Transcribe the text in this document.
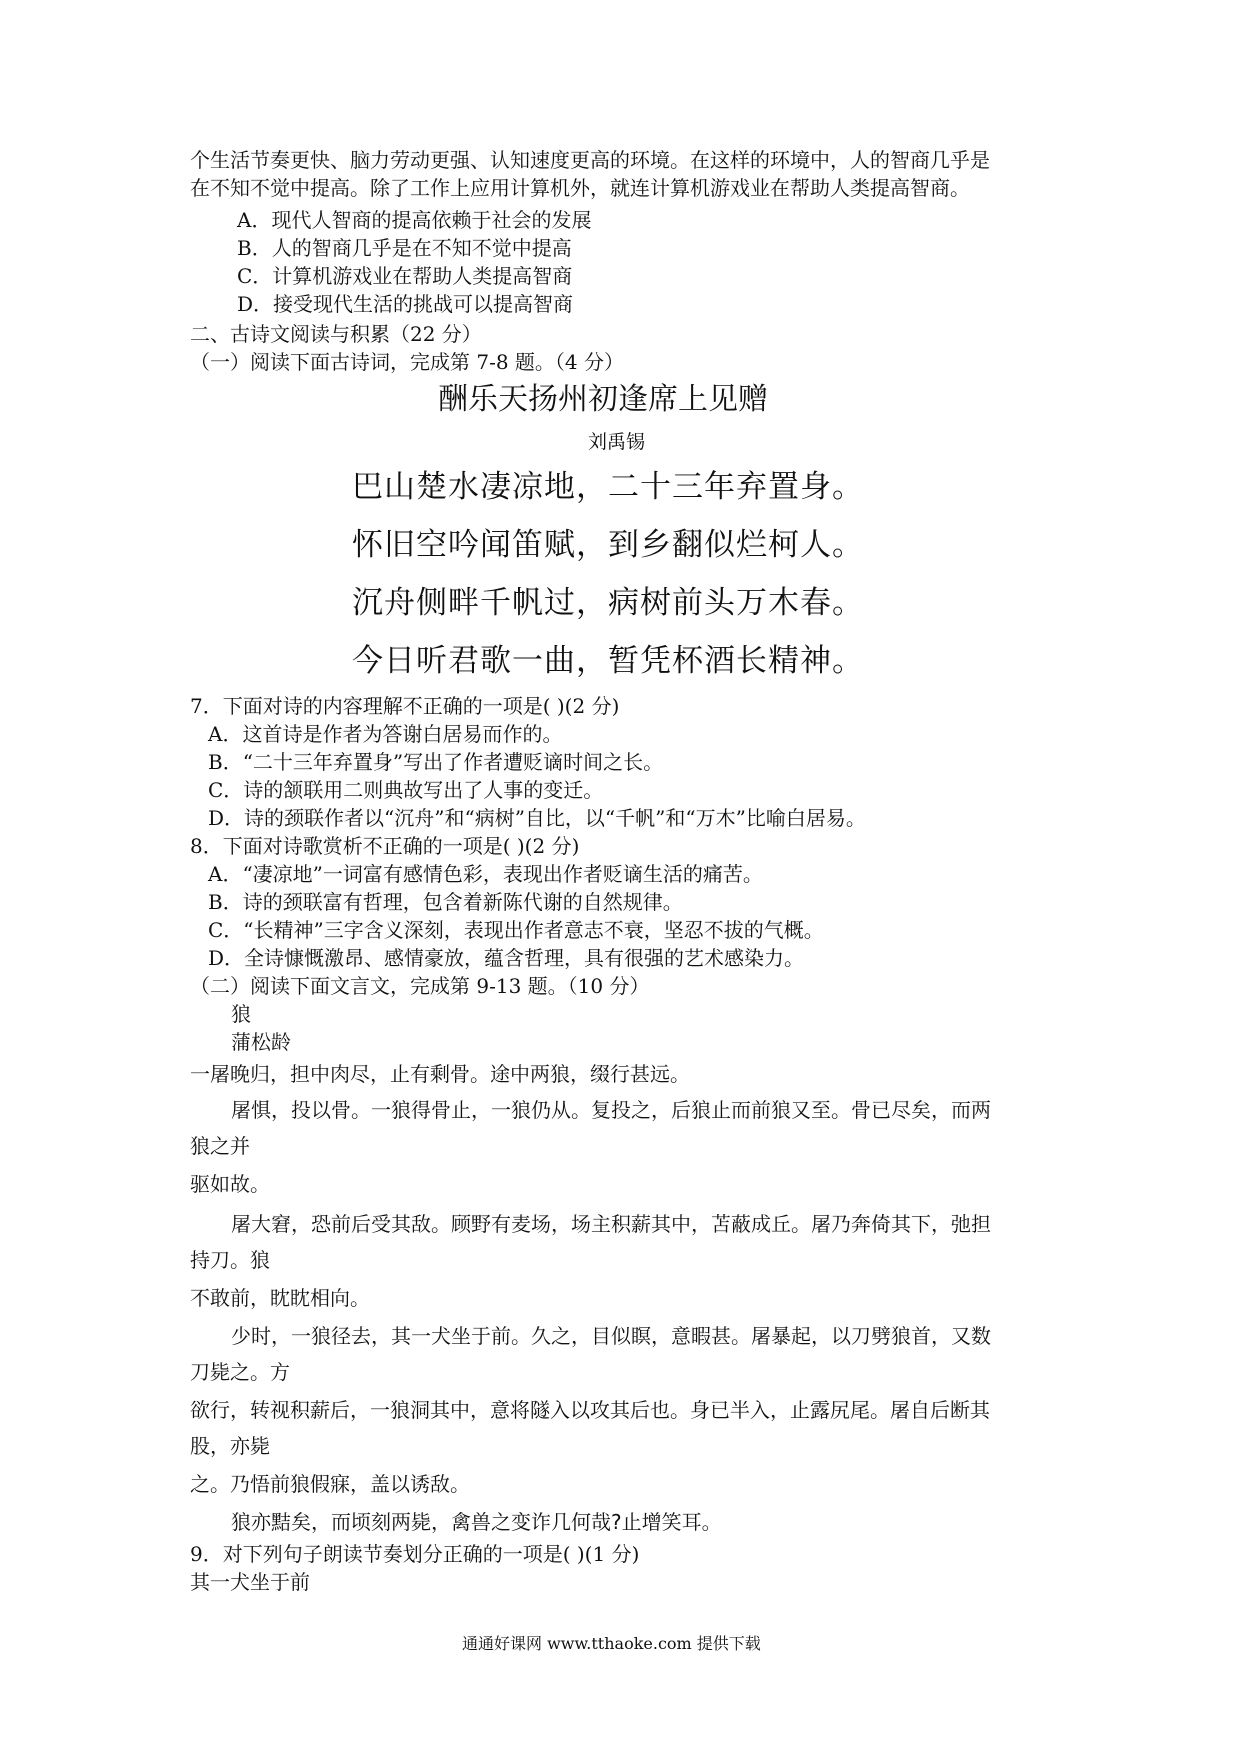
个生活节奏更快、脑力劳动更强、认知速度更高的环境。在这样的环境中，人的智商几乎是
在不知不觉中提高。除了工作上应用计算机外，就连计算机游戏业在帮助人类提高智商。
A．现代人智商的提高依赖于社会的发展
B．人的智商几乎是在不知不觉中提高
C．计算机游戏业在帮助人类提高智商
D．接受现代生活的挑战可以提高智商
二、古诗文阅读与积累（22 分）
（一）阅读下面古诗词，完成第 7-8 题。（4 分）
酬乐天扬州初逢席上见赠
刘禹锡
巴山楚水凄凉地，二十三年弃置身。
怀旧空吟闻笛赋，到乡翻似烂柯人。
沉舟侧畔千帆过，病树前头万木春。
今日听君歌一曲，暂凭杯酒长精神。
7．下面对诗的内容理解不正确的一项是( )(2 分)
A．这首诗是作者为答谢白居易而作的。
B．“二十三年弃置身”写出了作者遭贬谪时间之长。
C．诗的颔联用二则典故写出了人事的变迁。
D．诗的颈联作者以“沉舟”和“病树”自比，以“千帆”和“万木”比喻白居易。
8．下面对诗歌赏析不正确的一项是( )(2 分)
A．“凄凉地”一词富有感情色彩，表现出作者贬谪生活的痛苦。
B．诗的颈联富有哲理，包含着新陈代谢的自然规律。
C．“长精神”三字含义深刻，表现出作者意志不衰，坚忍不拔的气概。
D．全诗慷慨激昂、感情豪放，蕴含哲理，具有很强的艺术感染力。
（二）阅读下面文言文，完成第 9-13 题。（10 分）
狼
蒲松龄
一屠晚归，担中肉尽，止有剩骨。途中两狼，缀行甚远。
屠惧，投以骨。一狼得骨止，一狼仍从。复投之，后狼止而前狼又至。骨已尽矣，而两
狼之并
驱如故。
屠大窘，恐前后受其敌。顾野有麦场，场主积薪其中，苫蔽成丘。屠乃奔倚其下，弛担
持刀。狼
不敢前，眈眈相向。
少时，一狼径去，其一犬坐于前。久之，目似瞑，意暇甚。屠暴起，以刀劈狼首，又数
刀毙之。方
欲行，转视积薪后，一狼洞其中，意将隧入以攻其后也。身已半入，止露尻尾。屠自后断其
股，亦毙
之。乃悟前狼假寐，盖以诱敌。
狼亦黠矣，而顷刻两毙，禽兽之变诈几何哉?止增笑耳。
9．对下列句子朗读节奏划分正确的一项是( )(1 分)
其一犬坐于前
通通好课网 www.tthaoke.com 提供下载
